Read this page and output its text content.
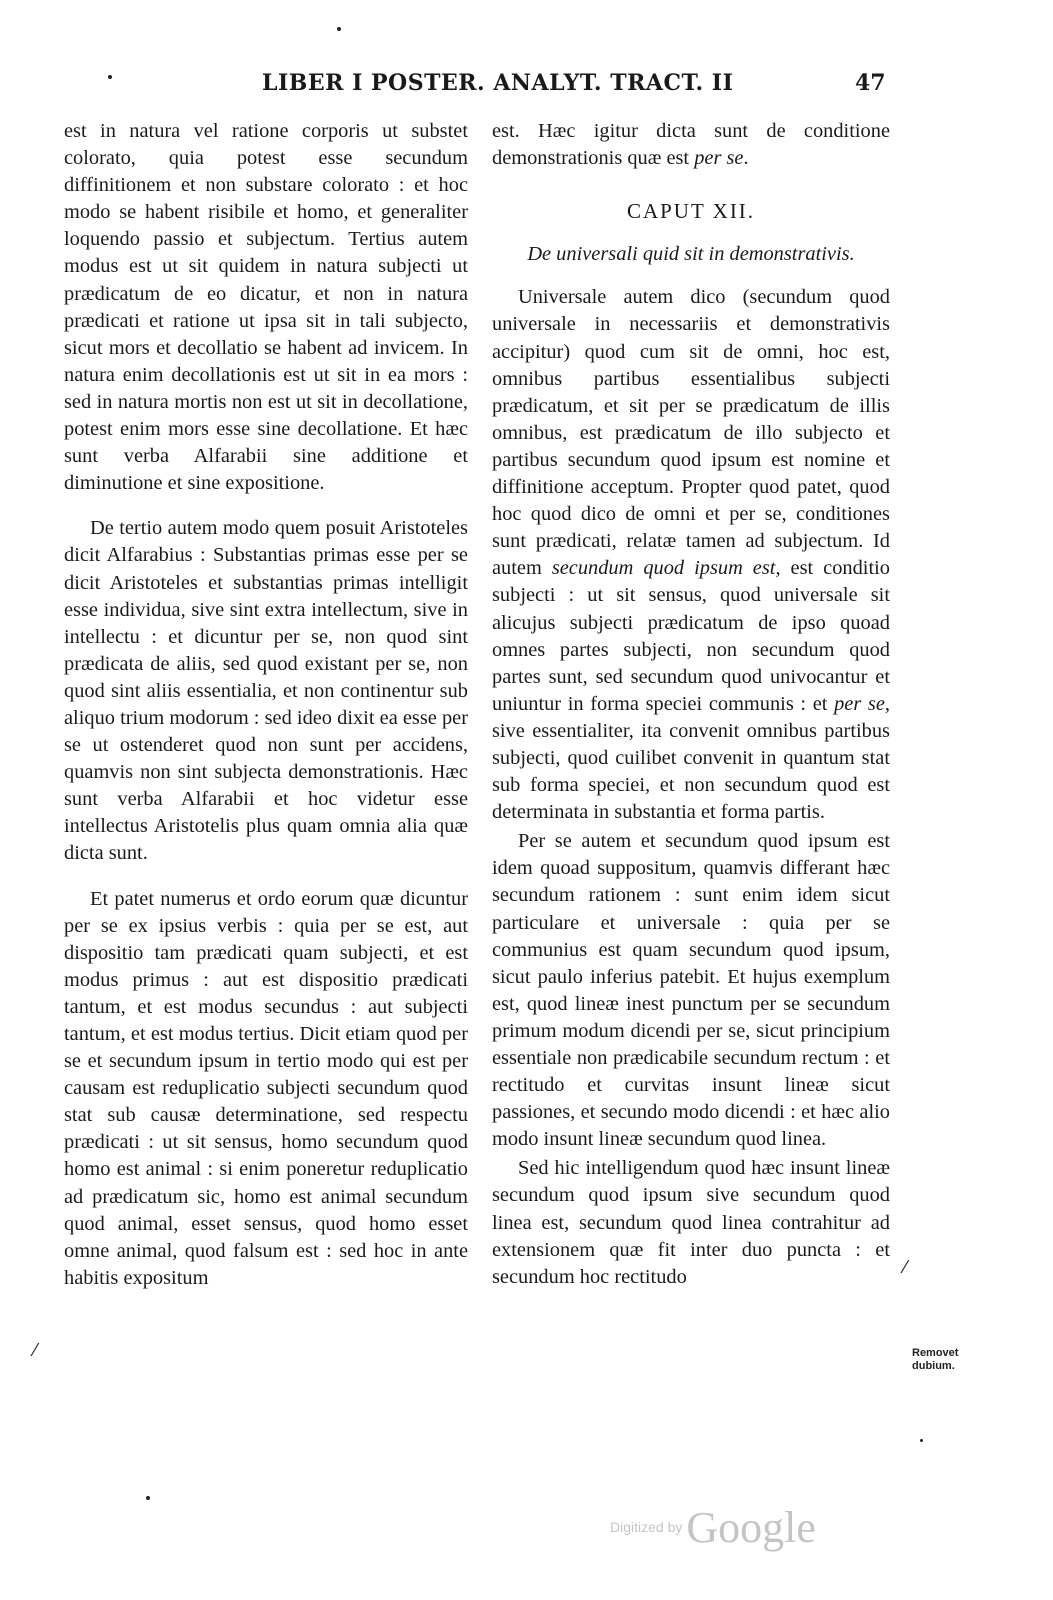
LIBER I POSTER. ANALYT. TRACT. II	47

est in natura vel ratione corporis ut substet colorato, quia potest esse secundum diffinitionem et non substare colorato : et hoc modo se habent risibile et homo, et generaliter loquendo passio et subjectum. Tertius autem modus est ut sit quidem in natura subjecti ut prædicatum de eo dicatur, et non in natura prædicati et ratione ut ipsa sit in tali subjecto, sicut mors et decollatio se habent ad invicem. In natura enim decollationis est ut sit in ea mors : sed in natura mortis non est ut sit in decollatione, potest enim mors esse sine decollatione. Et hæc sunt verba Alfarabii sine additione et diminutione et sine expositione.

De tertio autem modo quem posuit Aristoteles dicit Alfarabius : Substantias primas esse per se dicit Aristoteles et substantias primas intelligit esse individua, sive sint extra intellectum, sive in intellectu : et dicuntur per se, non quod sint prædicata de aliis, sed quod existant per se, non quod sint aliis essentialia, et non continentur sub aliquo trium modorum : sed ideo dixit ea esse per se ut ostenderet quod non sunt per accidens, quamvis non sint subjecta demonstrationis. Hæc sunt verba Alfarabii et hoc videtur esse intellectus Aristotelis plus quam omnia alia quæ dicta sunt.

Et patet numerus et ordo eorum quæ dicuntur per se ex ipsius verbis : quia per se est, aut dispositio tam prædicati quam subjecti, et est modus primus : aut est dispositio prædicati tantum, et est modus secundus : aut subjecti tantum, et est modus tertius. Dicit etiam quod per se et secundum ipsum in tertio modo qui est per causam est reduplicatio subjecti secundum quod stat sub causæ determinatione, sed respectu prædicati : ut sit sensus, homo secundum quod homo est animal : si enim poneretur reduplicatio ad prædicatum sic, homo est animal secundum quod animal, esset sensus, quod homo esset omne animal, quod falsum est : sed hoc in ante habitis expositum

est. Hæc igitur dicta sunt de conditione demonstrationis quæ est per se.

CAPUT XII.

De universali quid sit in demonstrativis.

Universale autem dico (secundum quod universale in necessariis et demonstrativis accipitur) quod cum sit de omni, hoc est, omnibus partibus essentialibus subjecti prædicatum, et sit per se prædicatum de illis omnibus, est prædicatum de illo subjecto et partibus secundum quod ipsum est nomine et diffinitione acceptum. Propter quod patet, quod hoc quod dico de omni et per se, conditiones sunt prædicati, relatæ tamen ad subjectum. Id autem secundum quod ipsum est, est conditio subjecti : ut sit sensus, quod universale sit alicujus subjecti prædicatum de ipso quoad omnes partes subjecti, non secundum quod partes sunt, sed secundum quod univocantur et uniuntur in forma speciei communis : et per se, sive essentialiter, ita convenit omnibus partibus subjecti, quod cuilibet convenit in quantum stat sub forma speciei, et non secundum quod est determinata in substantia et forma partis.

Per se autem et secundum quod ipsum est idem quoad suppositum, quamvis differant hæc secundum rationem : sunt enim idem sicut particulare et universale : quia per se communius est quam secundum quod ipsum, sicut paulo inferius patebit. Et hujus exemplum est, quod lineæ inest punctum per se secundum primum modum dicendi per se, sicut principium essentiale non prædicabile secundum rectum : et rectitudo et curvitas insunt lineæ sicut passiones, et secundo modo dicendi : et hæc alio modo insunt lineæ secundum quod linea.

Sed hic intelligendum quod hæc insunt lineæ secundum quod ipsum sive secundum quod linea est, secundum quod linea contrahitur ad extensionem quæ fit inter duo puncta : et secundum hoc rectitudo

⁄
⁄
Removet
dubium.
Digitized byGoogle
